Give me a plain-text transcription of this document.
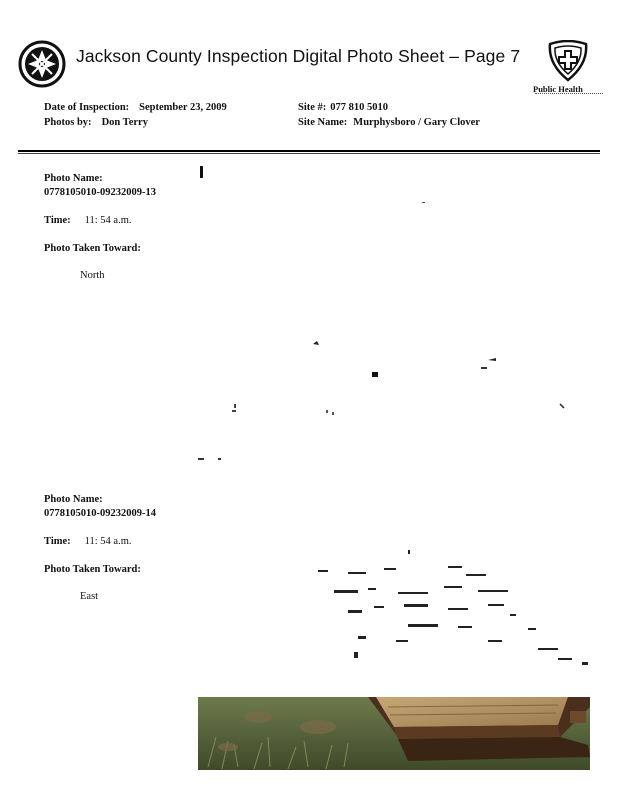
Jackson County Inspection Digital Photo Sheet – Page 7
Public Health
Date of Inspection: September 23, 2009
Photos by: Don Terry
Site #: 077 810 5010
Site Name: Murphysboro / Gary Clover
Photo Name:
0778105010-09232009-13
Time: 11: 54 a.m.
Photo Taken Toward:
North
Photo Name:
0778105010-09232009-14
Time: 11: 54 a.m.
Photo Taken Toward:
East
